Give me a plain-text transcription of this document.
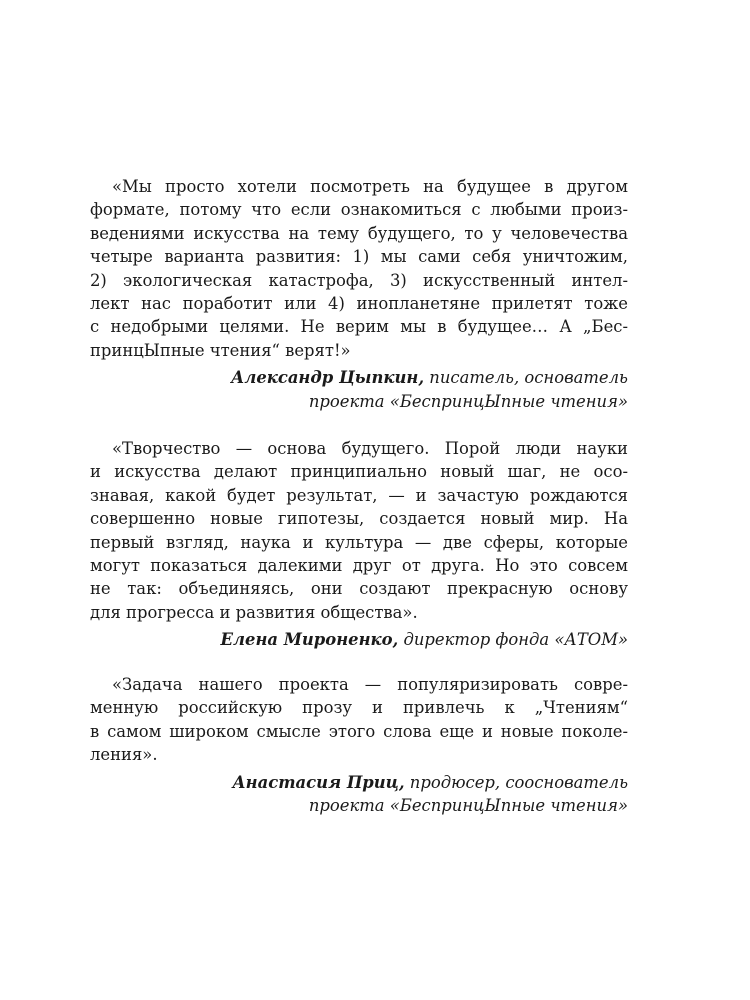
«Мы просто хотели посмотреть на будущее в другом
формате, потому что если ознакомиться с любыми произ-
ведениями искусства на тему будущего, то у человечества
четыре варианта развития: 1) мы сами себя уничтожим,
2) экологическая катастрофа, 3) искусственный интел-
лект нас поработит или 4) инопланетяне прилетят тоже
с недобрыми целями. Не верим мы в будущее… А „Бес-
принцЫпные чтения“ верят!»
Александр Цыпкин, писатель, основатель
проекта «БеспринцЫпные чтения»
«Творчество — основа будущего. Порой люди науки
и искусства делают принципиально новый шаг, не осо-
знавая, какой будет результат, — и зачастую рождаются
совершенно новые гипотезы, создается новый мир. На
первый взгляд, наука и культура — две сферы, которые
могут показаться далекими друг от друга. Но это совсем
не так: объединяясь, они создают прекрасную основу
для прогресса и развития общества».
Елена Мироненко, директор фонда «АТОМ»
«Задача нашего проекта — популяризировать совре-
менную российскую прозу и привлечь к „Чтениям“
в самом широком смысле этого слова еще и новые поколе-
ления».
Анастасия Приц, продюсер, сооснователь
проекта «БеспринцЫпные чтения»
